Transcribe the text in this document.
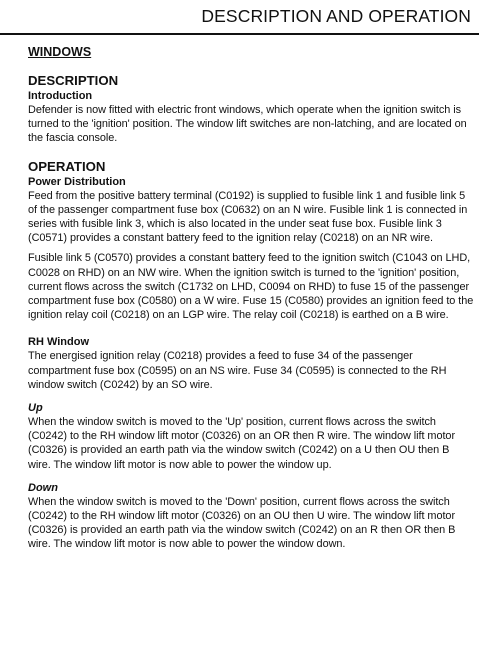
DESCRIPTION AND OPERATION
WINDOWS
DESCRIPTION
Introduction

Defender is now fitted with electric front windows, which operate when the ignition switch is turned to the 'ignition' position. The window lift switches are non-latching, and are located on the fascia console.

OPERATION
Power Distribution

Feed from the positive battery terminal (C0192) is supplied to fusible link 1 and fusible link 5 of the passenger compartment fuse box (C0632) on an N wire. Fusible link 1 is connected in series with fusible link 3, which is also located in the under seat fuse box. Fusible link 3 (C0571) provides a constant battery feed to the ignition relay (C0218) on an NR wire.

Fusible link 5 (C0570) provides a constant battery feed to the ignition switch (C1043 on LHD, C0028 on RHD) on an NW wire. When the ignition switch is turned to the 'ignition' position, current flows across the switch (C1732 on LHD, C0094 on RHD) to fuse 15 of the passenger compartment fuse box (C0580) on a W wire. Fuse 15 (C0580) provides an ignition feed to the ignition relay coil (C0218) on an LGP wire. The relay coil (C0218) is earthed on a B wire.

RH Window

The energised ignition relay (C0218) provides a feed to fuse 34 of the passenger compartment fuse box (C0595) on an NS wire. Fuse 34 (C0595) is connected to the RH window switch (C0242) by an SO wire.

Up

When the window switch is moved to the 'Up' position, current flows across the switch (C0242) to the RH window lift motor (C0326) on an OR then R wire. The window lift motor (C0326) is provided an earth path via the window switch (C0242) on a U then OU then B wire. The window lift motor is now able to power the window up.

Down

When the window switch is moved to the 'Down' position, current flows across the switch (C0242) to the RH window lift motor (C0326) on an OU then U wire. The window lift motor (C0326) is provided an earth path via the window switch (C0242) on an R then OR then B wire. The window lift motor is now able to power the window down.
